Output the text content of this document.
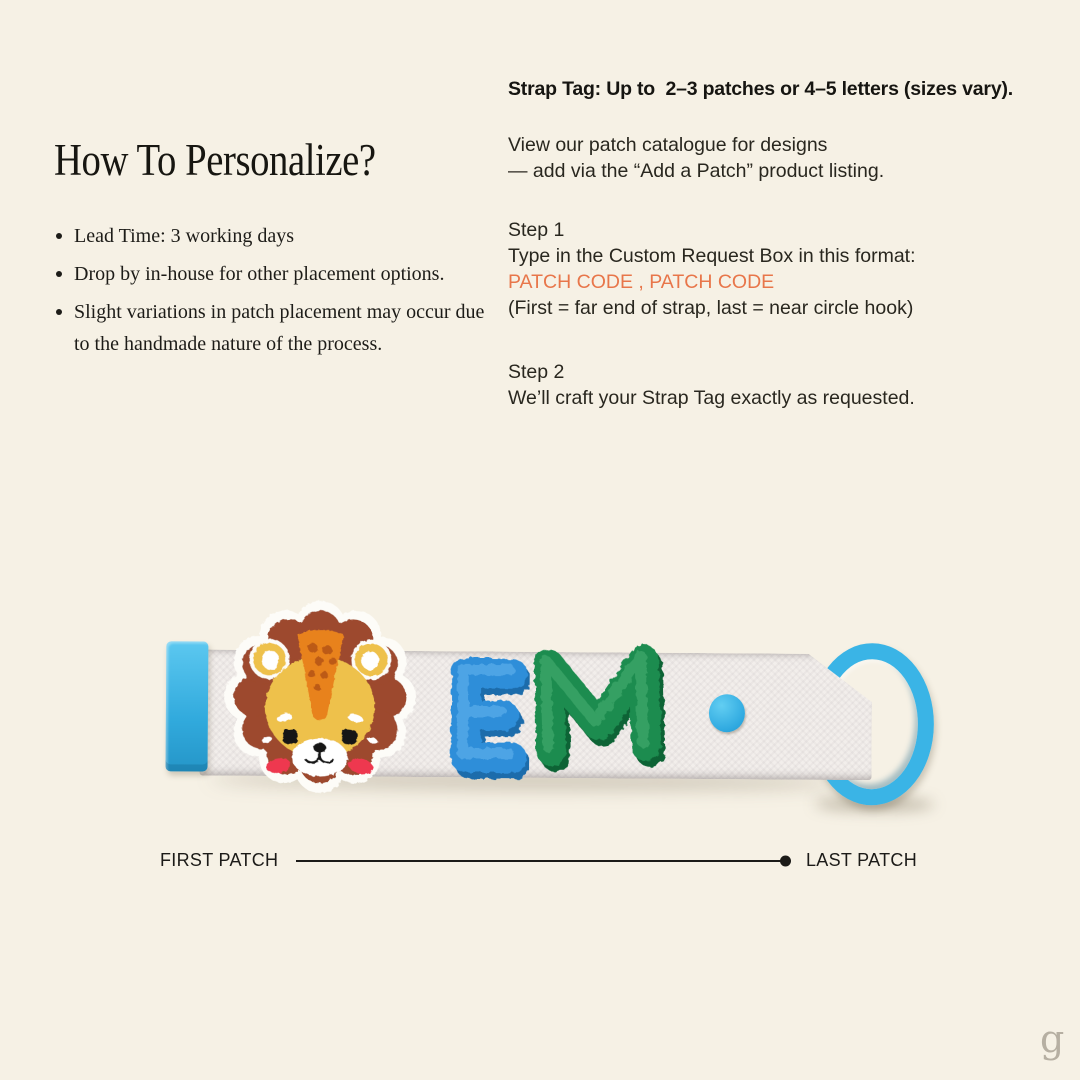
How To Personalize?
Lead Time: 3 working days
Drop by in-house for other placement options.
Slight variations in patch placement may occur due to the handmade nature of the process.

Strap Tag: Up to  2–3 patches or 4–5 letters (sizes vary).

View our patch catalogue for designs
— add via the “Add a Patch” product listing.
Step 1
Type in the Custom Request Box in this format:
PATCH CODE , PATCH CODE
(First = far end of strap, last = near circle hook)
Step 2
We’ll craft your Strap Tag exactly as requested.
FIRST PATCH	LAST PATCH
g
